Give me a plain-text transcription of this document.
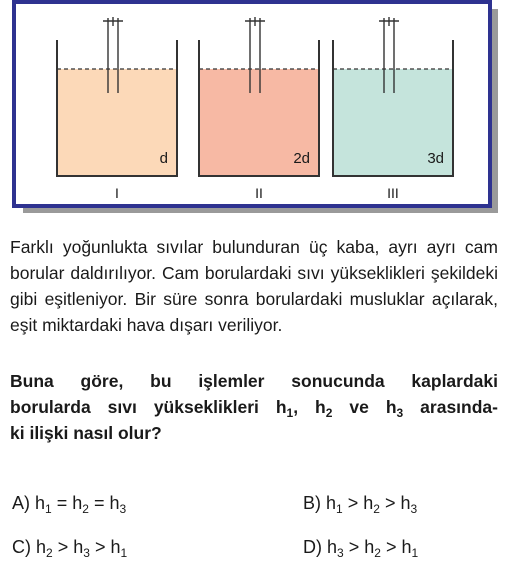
d
I
2d
II
3d
III
Farklı yoğunlukta sıvılar bulunduran üç kaba, ayrı ayrı cam borular daldırılıyor. Cam borulardaki sıvı yükseklikleri şekildeki gibi eşitleniyor. Bir süre sonra borulardaki musluklar açılarak, eşit miktardaki hava dışarı veriliyor.
Buna göre, bu işlemler sonucunda kaplardaki
borularda sıvı yükseklikleri $h_1$, $h_2$ ve $h_3$ arasında-
ki ilişki nasıl olur?
A) $h_1 = h_2 = h_3$	B) $h_1 > h_2 > h_3$
C) $h_2 > h_3 > h_1$	D) $h_3 > h_2 > h_1$
